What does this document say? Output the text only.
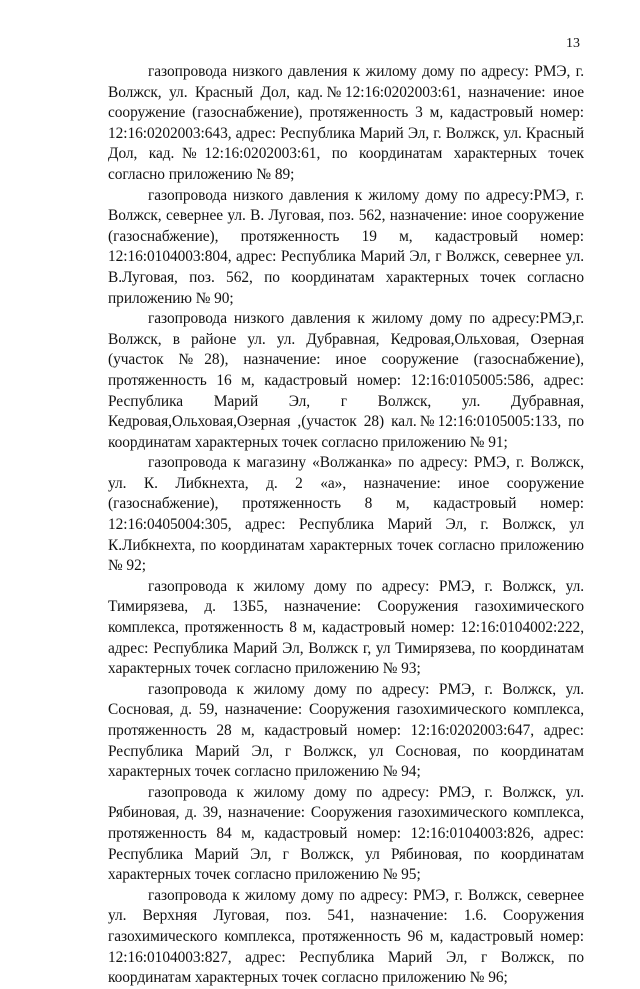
13

газопровода низкого давления к жилому дому по адресу: РМЭ, г. Волжск, ул. Красный Дол, кад.№12:16:0202003:61, назначение: иное сооружение (газоснабжение), протяженность 3 м, кадастровый номер: 12:16:0202003:643, адрес: Республика Марий Эл, г. Волжск, ул. Красный Дол, кад.№12:16:0202003:61, по координатам характерных точек согласно приложению № 89;

газопровода низкого давления к жилому дому по адресу:РМЭ, г. Волжск, севернее ул. В. Луговая, поз. 562, назначение: иное сооружение (газоснабжение), протяженность 19 м, кадастровый номер: 12:16:0104003:804, адрес: Республика Марий Эл, г Волжск, севернее ул. В.Луговая, поз. 562, по координатам характерных точек согласно приложению № 90;

газопровода низкого давления к жилому дому по адресу:РМЭ,г. Волжск, в районе ул. ул. Дубравная, Кедровая,Ольховая, Озерная (участок №28), назначение: иное сооружение (газоснабжение), протяженность 16 м, кадастровый номер: 12:16:0105005:586, адрес: Республика Марий Эл, г Волжск, ул. Дубравная, Кедровая,Ольховая,Озерная ,(участок 28) кал.№12:16:0105005:133, по координатам характерных точек согласно приложению № 91;

газопровода к магазину «Волжанка» по адресу: РМЭ, г. Волжск, ул. К. Либкнехта, д. 2 «а», назначение: иное сооружение (газоснабжение), протяженность 8 м, кадастровый номер: 12:16:0405004:305, адрес: Республика Марий Эл, г. Волжск, ул К.Либкнехта, по координатам характерных точек согласно приложению № 92;

газопровода к жилому дому по адресу: РМЭ, г. Волжск, ул. Тимирязева, д. 13Б5, назначение: Сооружения газохимического комплекса, протяженность 8 м, кадастровый номер: 12:16:0104002:222, адрес: Республика Марий Эл, Волжск г, ул Тимирязева, по координатам характерных точек согласно приложению № 93;

газопровода к жилому дому по адресу: РМЭ, г. Волжск, ул. Сосновая, д. 59, назначение: Сооружения газохимического комплекса, протяженность 28 м, кадастровый номер: 12:16:0202003:647, адрес: Республика Марий Эл, г Волжск, ул Сосновая, по координатам характерных точек согласно приложению № 94;

газопровода к жилому дому по адресу: РМЭ, г. Волжск, ул. Рябиновая, д. 39, назначение: Сооружения газохимического комплекса, протяженность 84 м, кадастровый номер: 12:16:0104003:826, адрес: Республика Марий Эл, г Волжск, ул Рябиновая, по координатам характерных точек согласно приложению № 95;

газопровода к жилому дому по адресу: РМЭ, г. Волжск, севернее ул. Верхняя Луговая, поз. 541, назначение: 1.6. Сооружения газохимического комплекса, протяженность 96 м, кадастровый номер: 12:16:0104003:827, адрес: Республика Марий Эл, г Волжск, по координатам характерных точек согласно приложению № 96;
